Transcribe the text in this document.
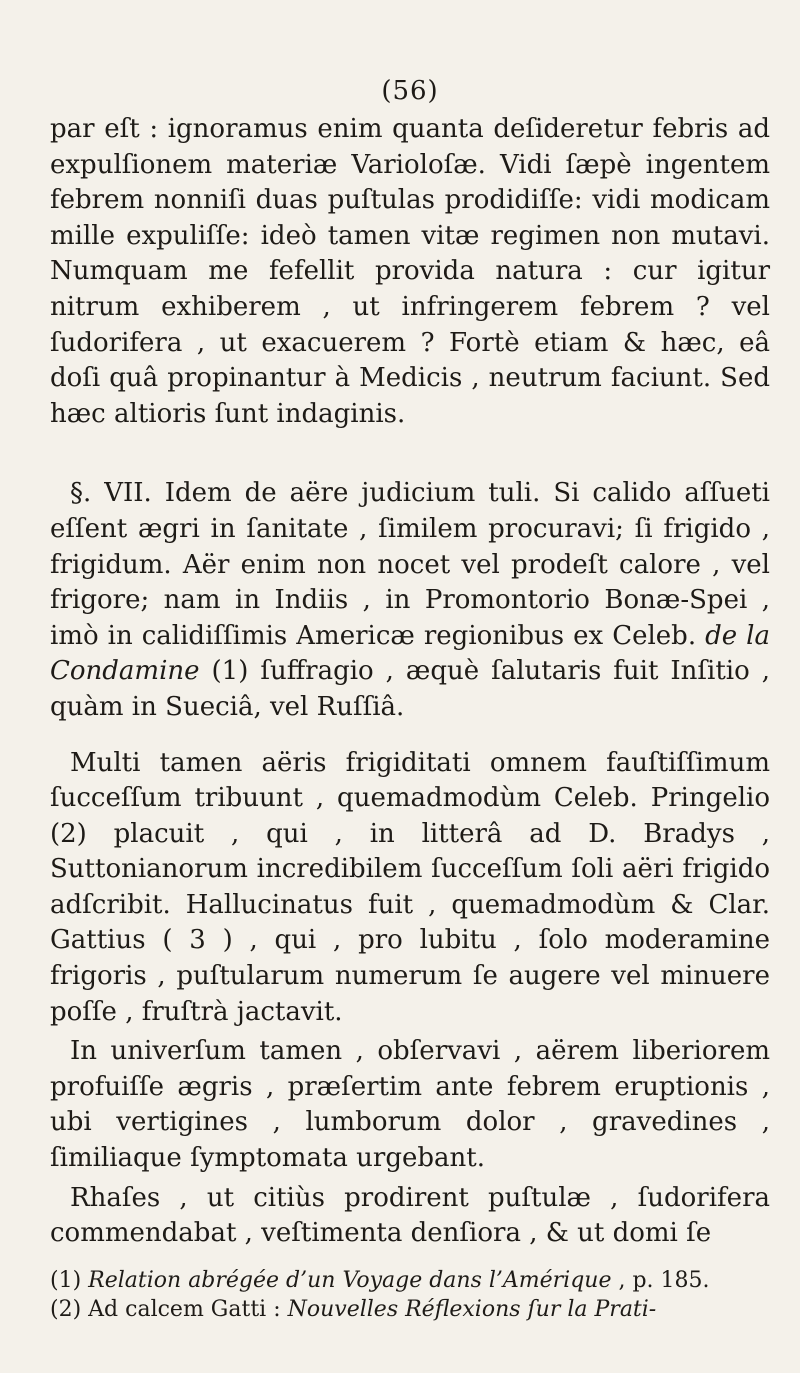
(56)

par eſt : ignoramus enim quanta deſideretur febris ad expulſionem materiæ Varioloſæ. Vidi ſæpè ingentem febrem nonniſi duas puſtulas prodidiſſe: vidi modicam mille expuliſſe: ideò tamen vitæ regimen non mutavi. Numquam me fefellit provida natura : cur igitur nitrum exhiberem , ut infringerem febrem ? vel ſudorifera , ut exacuerem ? Fortè etiam & hæc, eâ doſi quâ propinantur à Medicis , neutrum faciunt. Sed hæc altioris ſunt indaginis.

§. VII. Idem de aëre judicium tuli. Si calido aſſueti eſſent ægri in ſanitate , ſimilem procuravi; ſi frigido , frigidum. Aër enim non nocet vel prodeſt calore , vel frigore; nam in Indiis , in Promontorio Bonæ-Spei , imò in calidiſſimis Americæ regionibus ex Celeb. de la Condamine (1) ſuffragio , æquè ſalutaris fuit Inſitio , quàm in Sueciâ, vel Ruſſiâ.

Multi tamen aëris frigiditati omnem fauſtiſſimum ſucceſſum tribuunt , quemadmodùm Celeb. Pringelio (2) placuit , qui , in litterâ ad D. Bradys , Suttonianorum incredibilem ſucceſſum ſoli aëri frigido adſcribit. Hallucinatus fuit , quemadmodùm & Clar. Gattius ( 3 ) , qui , pro lubitu , ſolo moderamine frigoris , puſtularum numerum ſe augere vel minuere poſſe , fruſtrà jactavit.

In univerſum tamen , obſervavi , aërem liberiorem profuiſſe ægris , præſertim ante febrem eruptionis , ubi vertigines , lumborum dolor , gravedines , ſimiliaque ſymptomata urgebant.

Rhaſes , ut citiùs prodirent puſtulæ , ſudorifera commendabat , veſtimenta denſiora , & ut domi ſe

(1) Relation abrégée d’un Voyage dans l’Amérique , p. 185.

(2) Ad calcem Gatti : Nouvelles Réflexions ſur la Prati-
